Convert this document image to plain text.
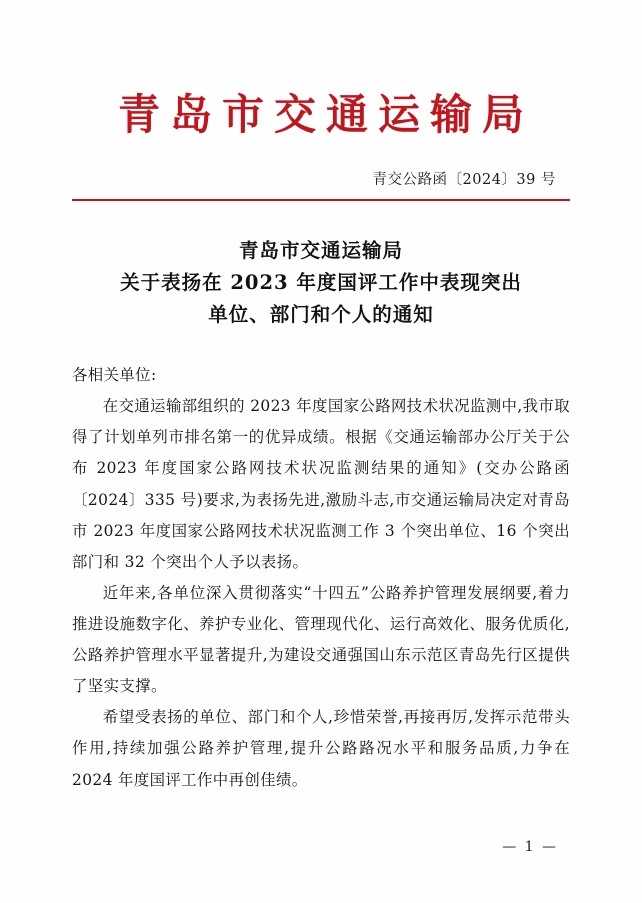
青岛市交通运输局
青交公路函〔2024〕39 号
青岛市交通运输局
关于表扬在 2023 年度国评工作中表现突出
单位、部门和个人的通知

各相关单位:

在交通运输部组织的 2023 年度国家公路网技术状况监测中,我市取得了计划单列市排名第一的优异成绩。根据《交通运输部办公厅关于公布 2023 年度国家公路网技术状况监测结果的通知》(交办公路函〔2024〕335 号)要求,为表扬先进,激励斗志,市交通运输局决定对青岛市 2023 年度国家公路网技术状况监测工作 3 个突出单位、16 个突出部门和 32 个突出个人予以表扬。

近年来,各单位深入贯彻落实“十四五”公路养护管理发展纲要,着力推进设施数字化、养护专业化、管理现代化、运行高效化、服务优质化,公路养护管理水平显著提升,为建设交通强国山东示范区青岛先行区提供了坚实支撑。

希望受表扬的单位、部门和个人,珍惜荣誉,再接再厉,发挥示范带头作用,持续加强公路养护管理,提升公路路况水平和服务品质,力争在 2024 年度国评工作中再创佳绩。

— 1 —
